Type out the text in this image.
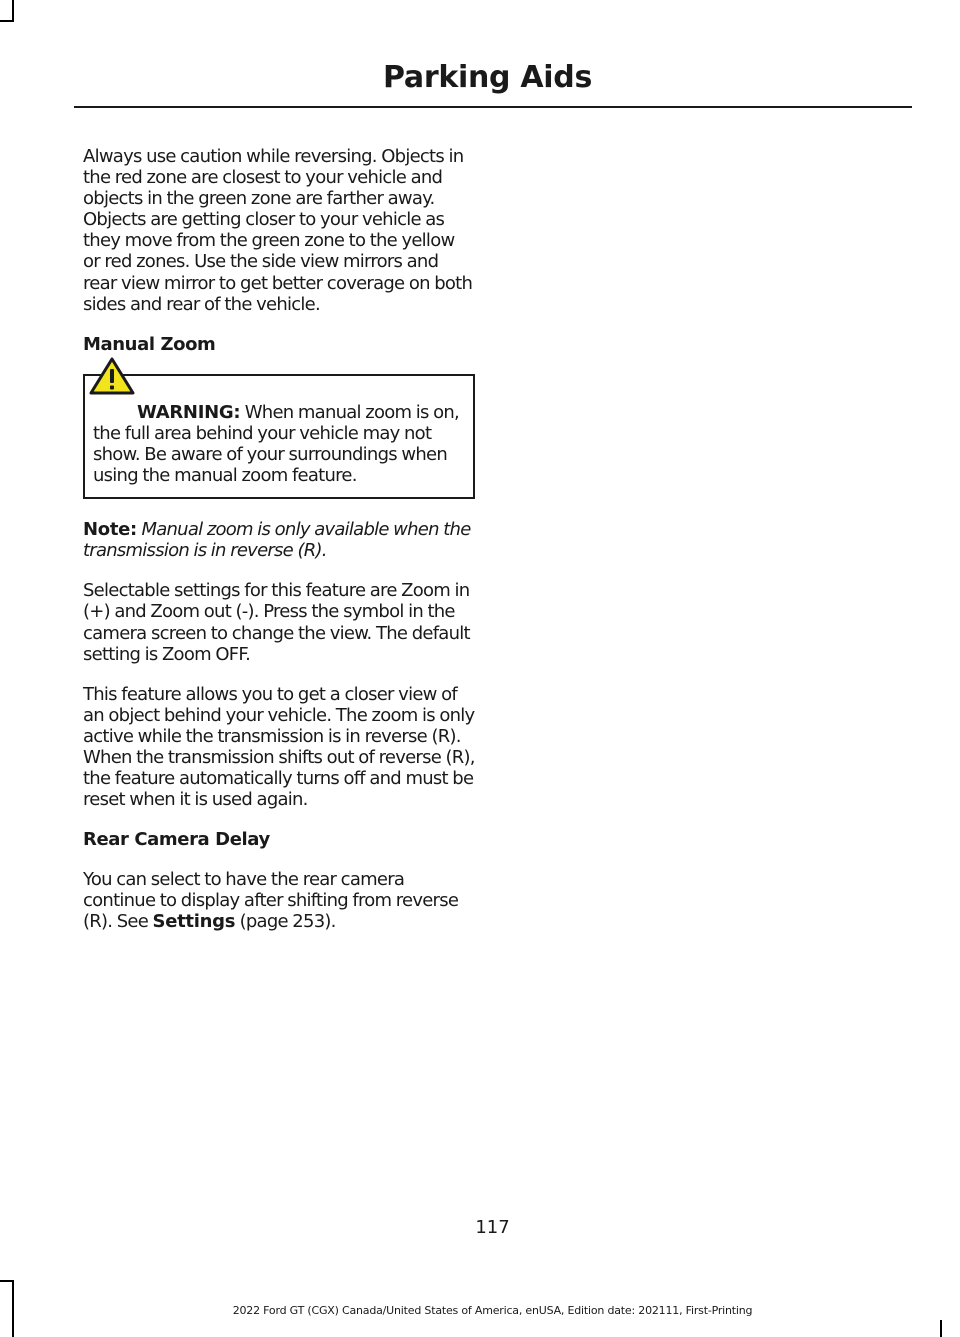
Parking Aids

Always use caution while reversing. Objects in the red zone are closest to your vehicle and objects in the green zone are farther away. Objects are getting closer to your vehicle as they move from the green zone to the yellow or red zones. Use the side view mirrors and rear view mirror to get better coverage on both sides and rear of the vehicle.

Manual Zoom

WARNING: When manual zoom is on, the full area behind your vehicle may not show. Be aware of your surroundings when using the manual zoom feature.

Note: Manual zoom is only available when the transmission is in reverse (R).

Selectable settings for this feature are Zoom in (+) and Zoom out (-). Press the symbol in the camera screen to change the view. The default setting is Zoom OFF.

This feature allows you to get a closer view of an object behind your vehicle. The zoom is only active while the transmission is in reverse (R). When the transmission shifts out of reverse (R), the feature automatically turns off and must be reset when it is used again.

Rear Camera Delay

You can select to have the rear camera continue to display after shifting from reverse (R). See Settings (page 253).

117
2022 Ford GT (CGX) Canada/United States of America, enUSA, Edition date: 202111, First-Printing
